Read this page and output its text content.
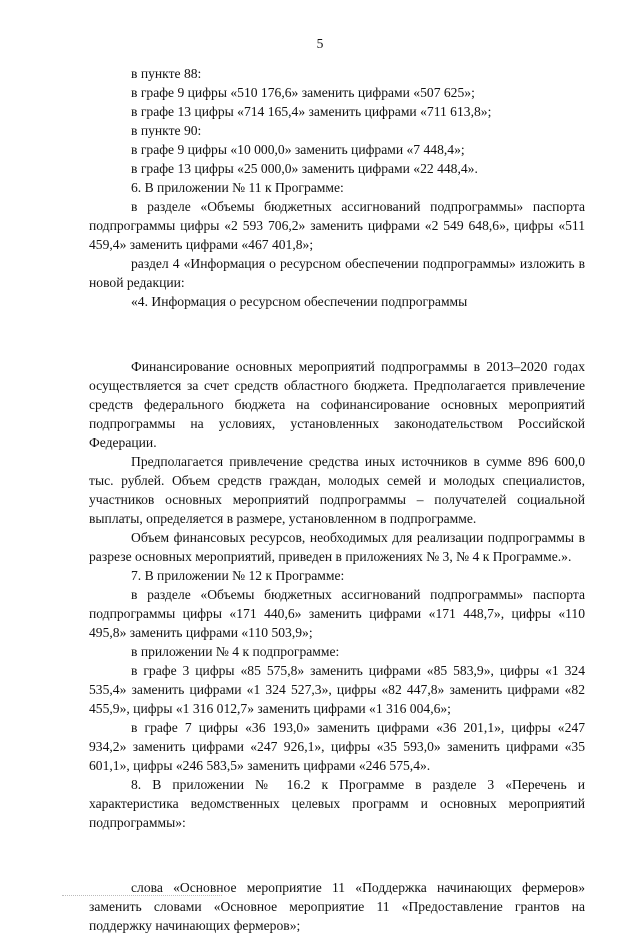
5

в пункте 88:

в графе 9 цифры «510 176,6» заменить цифрами «507 625»;

в графе 13 цифры «714 165,4» заменить цифрами «711 613,8»;

в пункте 90:

в графе 9 цифры «10 000,0» заменить цифрами «7 448,4»;

в графе 13 цифры «25 000,0» заменить цифрами «22 448,4».

6. В приложении № 11 к Программе:

в разделе «Объемы бюджетных ассигнований подпрограммы» паспорта подпрограммы цифры «2 593 706,2» заменить цифрами «2 549 648,6», цифры «511 459,4» заменить цифрами «467 401,8»;

раздел 4 «Информация о ресурсном обеспечении подпрограммы» изложить в новой редакции:

«4. Информация о ресурсном обеспечении подпрограммы

Финансирование основных мероприятий подпрограммы в 2013–2020 годах осуществляется за счет средств областного бюджета. Предполагается привлечение средств федерального бюджета на софинансирование основных мероприятий подпрограммы на условиях, установленных законодательством Российской Федерации.

Предполагается привлечение средства иных источников в сумме 896 600,0 тыс. рублей. Объем средств граждан, молодых семей и молодых специалистов, участников основных мероприятий подпрограммы – получателей социальной выплаты, определяется в размере, установленном в подпрограмме.

Объем финансовых ресурсов, необходимых для реализации подпрограммы в разрезе основных мероприятий, приведен в приложениях № 3, № 4 к Программе.».

7. В приложении № 12 к Программе:

в разделе «Объемы бюджетных ассигнований подпрограммы» паспорта подпрограммы цифры «171 440,6» заменить цифрами «171 448,7», цифры «110 495,8» заменить цифрами «110 503,9»;

в приложении № 4 к подпрограмме:

в графе 3 цифры «85 575,8» заменить цифрами «85 583,9», цифры «1 324 535,4» заменить цифрами «1 324 527,3», цифры «82 447,8» заменить цифрами «82 455,9», цифры «1 316 012,7» заменить цифрами «1 316 004,6»;

в графе 7 цифры «36 193,0» заменить цифрами «36 201,1», цифры «247 934,2» заменить цифрами «247 926,1», цифры «35 593,0» заменить цифрами «35 601,1», цифры «246 583,5» заменить цифрами «246 575,4».

8. В приложении № 16.2 к Программе в разделе 3 «Перечень и характеристика ведомственных целевых программ и основных мероприятий подпрограммы»:

слова «Основное мероприятие 11 «Поддержка начинающих фермеров» заменить словами «Основное мероприятие 11 «Предоставление грантов на поддержку начинающих фермеров»;
